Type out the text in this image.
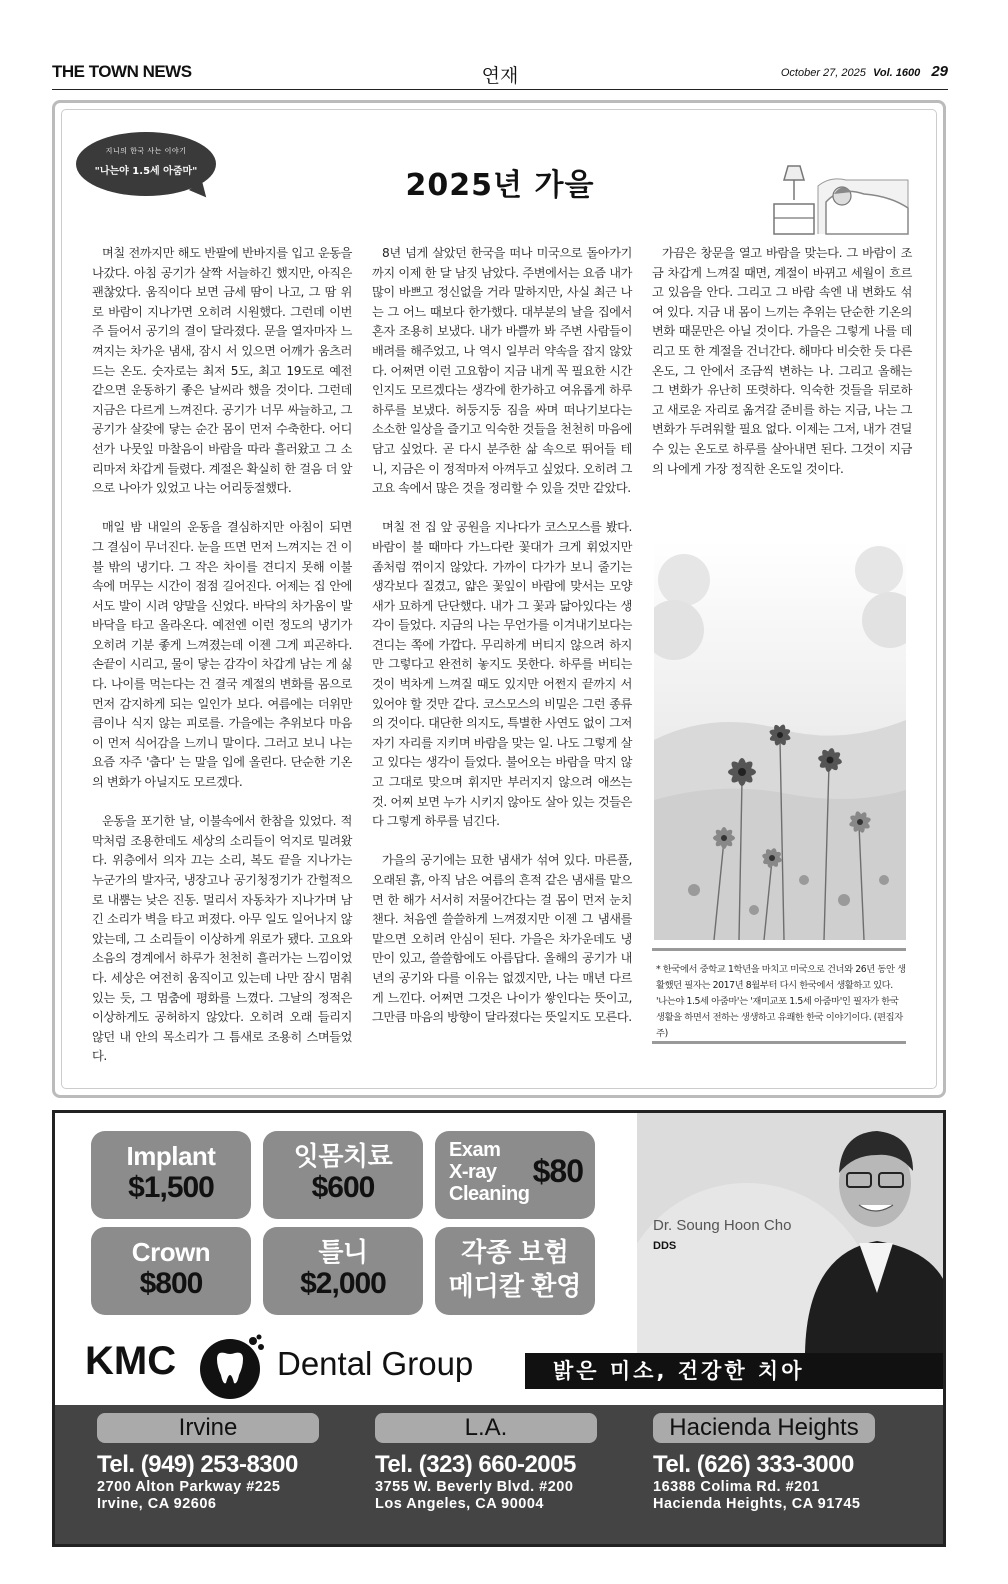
THE TOWN NEWS	연재	October 27, 2025 Vol. 1600 29
지니의 한국 사는 이야기
"나는야 1.5세 아줌마"	2025년 가을

며칠 전까지만 해도 반팔에 반바지를 입고 운동을 나갔다. 아침 공기가 살짝 서늘하긴 했지만, 아직은 괜찮았다. 움직이다 보면 금세 땀이 나고, 그 땀 위로 바람이 지나가면 오히려 시원했다. 그런데 이번 주 들어서 공기의 결이 달라졌다. 문을 열자마자 느껴지는 차가운 냄새, 잠시 서 있으면 어깨가 움츠러드는 온도. 숫자로는 최저 5도, 최고 19도로 예전 같으면 운동하기 좋은 날씨라 했을 것이다. 그런데 지금은 다르게 느껴진다. 공기가 너무 싸늘하고, 그 공기가 살갗에 닿는 순간 몸이 먼저 수축한다. 어디선가 나뭇잎 마찰음이 바람을 따라 흘러왔고 그 소리마저 차갑게 들렸다. 계절은 확실히 한 걸음 더 앞으로 나아가 있었고 나는 어리둥절했다.

매일 밤 내일의 운동을 결심하지만 아침이 되면 그 결심이 무너진다. 눈을 뜨면 먼저 느껴지는 건 이불 밖의 냉기다. 그 작은 차이를 견디지 못해 이불 속에 머무는 시간이 점점 길어진다. 어제는 집 안에서도 발이 시려 양말을 신었다. 바닥의 차가움이 발바닥을 타고 올라온다. 예전엔 이런 정도의 냉기가 오히려 기분 좋게 느껴졌는데 이젠 그게 피곤하다. 손끝이 시리고, 물이 닿는 감각이 차갑게 남는 게 싫다. 나이를 먹는다는 건 결국 계절의 변화를 몸으로 먼저 감지하게 되는 일인가 보다. 여름에는 더위만큼이나 식지 않는 피로를. 가을에는 추위보다 마음이 먼저 식어감을 느끼니 말이다. 그러고 보니 나는 요즘 자주 '춥다' 는 말을 입에 올린다. 단순한 기온의 변화가 아닐지도 모르겠다.

운동을 포기한 날, 이불속에서 한참을 있었다. 적막처럼 조용한데도 세상의 소리들이 억지로 밀려왔다. 위층에서 의자 끄는 소리, 복도 끝을 지나가는 누군가의 발자국, 냉장고나 공기청정기가 간헐적으로 내뿜는 낮은 진동. 멀리서 자동차가 지나가며 남긴 소리가 벽을 타고 퍼졌다. 아무 일도 일어나지 않았는데, 그 소리들이 이상하게 위로가 됐다. 고요와 소음의 경계에서 하루가 천천히 흘러가는 느낌이었다. 세상은 여전히 움직이고 있는데 나만 잠시 멈춰 있는 듯, 그 멈춤에 평화를 느꼈다. 그날의 정적은 이상하게도 공허하지 않았다. 오히려 오래 들리지 않던 내 안의 목소리가 그 틈새로 조용히 스며들었다.

8년 넘게 살았던 한국을 떠나 미국으로 돌아가기까지 이제 한 달 남짓 남았다. 주변에서는 요즘 내가 많이 바쁘고 정신없을 거라 말하지만, 사실 최근 나는 그 어느 때보다 한가했다. 대부분의 날을 집에서 혼자 조용히 보냈다. 내가 바쁠까 봐 주변 사람들이 배려를 해주었고, 나 역시 일부러 약속을 잡지 않았다. 어쩌면 이런 고요함이 지금 내게 꼭 필요한 시간인지도 모르겠다는 생각에 한가하고 여유롭게 하루하루를 보냈다. 허둥지둥 짐을 싸며 떠나기보다는 소소한 일상을 즐기고 익숙한 것들을 천천히 마음에 담고 싶었다. 곧 다시 분주한 삶 속으로 뛰어들 테니, 지금은 이 정적마저 아껴두고 싶었다. 오히려 그 고요 속에서 많은 것을 정리할 수 있을 것만 같았다.

며칠 전 집 앞 공원을 지나다가 코스모스를 봤다. 바람이 불 때마다 가느다란 꽃대가 크게 휘었지만 좀처럼 꺾이지 않았다. 가까이 다가가 보니 줄기는 생각보다 질겼고, 얇은 꽃잎이 바람에 맞서는 모양새가 묘하게 단단했다. 내가 그 꽃과 닮아있다는 생각이 들었다. 지금의 나는 무언가를 이겨내기보다는 견디는 쪽에 가깝다. 무리하게 버티지 않으려 하지만 그렇다고 완전히 놓지도 못한다. 하루를 버티는 것이 벅차게 느껴질 때도 있지만 어쩐지 끝까지 서 있어야 할 것만 같다. 코스모스의 비밀은 그런 종류의 것이다. 대단한 의지도, 특별한 사연도 없이 그저 자기 자리를 지키며 바람을 맞는 일. 나도 그렇게 살고 있다는 생각이 들었다. 불어오는 바람을 막지 않고 그대로 맞으며 휘지만 부러지지 않으려 애쓰는 것. 어찌 보면 누가 시키지 않아도 살아 있는 것들은 다 그렇게 하루를 넘긴다.

가을의 공기에는 묘한 냄새가 섞여 있다. 마른풀, 오래된 흙, 아직 남은 여름의 흔적 같은 냄새를 맡으면 한 해가 서서히 저물어간다는 걸 몸이 먼저 눈치챈다. 처음엔 쓸쓸하게 느껴졌지만 이젠 그 냄새를 맡으면 오히려 안심이 된다. 가을은 차가운데도 냉만이 있고, 쓸쓸함에도 아름답다. 올해의 공기가 내년의 공기와 다를 이유는 없겠지만, 나는 매년 다르게 느낀다. 어쩌면 그것은 나이가 쌓인다는 뜻이고, 그만큼 마음의 방향이 달라졌다는 뜻일지도 모른다.

가끔은 창문을 열고 바람을 맞는다. 그 바람이 조금 차갑게 느껴질 때면, 계절이 바뀌고 세월이 흐르고 있음을 안다. 그리고 그 바람 속엔 내 변화도 섞여 있다. 지금 내 몸이 느끼는 추위는 단순한 기온의 변화 때문만은 아닐 것이다. 가을은 그렇게 나를 데리고 또 한 계절을 건너간다. 해마다 비슷한 듯 다른 온도, 그 안에서 조금씩 변하는 나. 그리고 올해는 그 변화가 유난히 또렷하다. 익숙한 것들을 뒤로하고 새로운 자리로 옮겨갈 준비를 하는 지금, 나는 그 변화가 두려워할 필요 없다. 이제는 그저, 내가 견딜 수 있는 온도로 하루를 살아내면 된다. 그것이 지금의 나에게 가장 정직한 온도일 것이다.

* 한국에서 중학교 1학년을 마치고 미국으로 건너와 26년 동안 생활했던 필자는 2017년 8월부터 다시 한국에서 생활하고 있다. '나는야 1.5세 아줌마'는 '재미교포 1.5세 아줌마'인 필자가 한국 생활을 하면서 전하는 생생하고 유쾌한 한국 이야기이다. (편집자 주)
Implant
$1,500
잇몸치료
$600
Exam
X-ray
Cleaning
$80
Crown
$800
틀니
$2,000
각종 보험
메디칼 환영
Dr. Soung Hoon Cho
DDS
KMC	Dental Group	밝은 미소, 건강한 치아
Irvine
Tel. (949) 253-8300
2700 Alton Parkway #225
Irvine, CA 92606
L.A.
Tel. (323) 660-2005
3755 W. Beverly Blvd. #200
Los Angeles, CA 90004
Hacienda Heights
Tel. (626) 333-3000
16388 Colima Rd. #201
Hacienda Heights, CA 91745
